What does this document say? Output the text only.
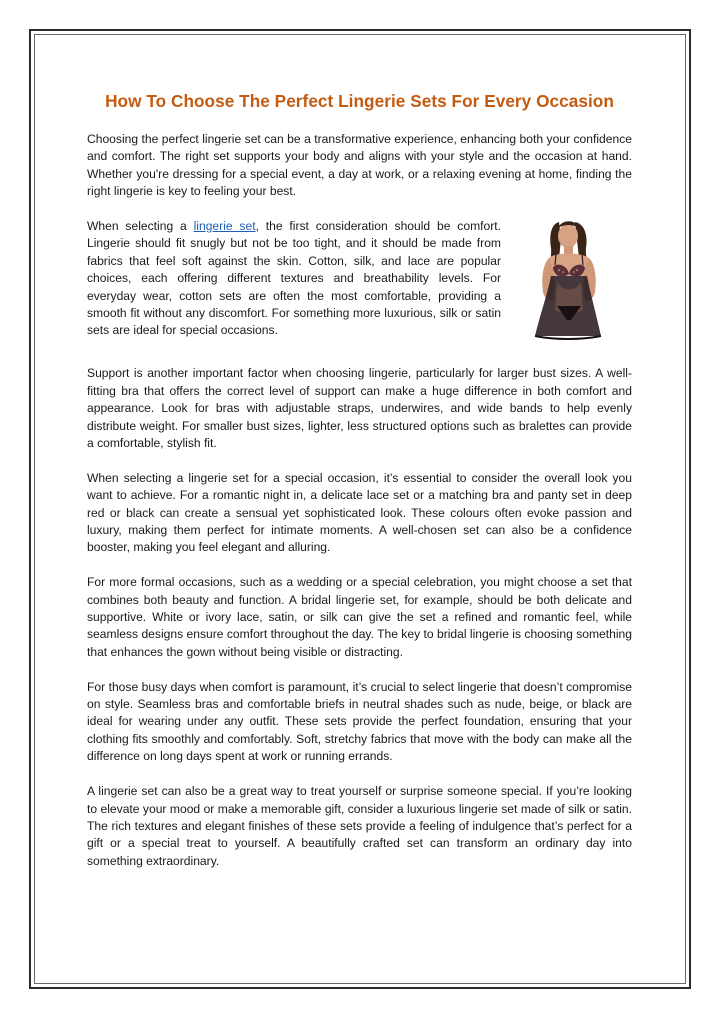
How To Choose The Perfect Lingerie Sets For Every Occasion

Choosing the perfect lingerie set can be a transformative experience, enhancing both your confidence and comfort. The right set supports your body and aligns with your style and the occasion at hand. Whether you're dressing for a special event, a day at work, or a relaxing evening at home, finding the right lingerie is key to feeling your best.

When selecting a lingerie set, the first consideration should be comfort. Lingerie should fit snugly but not be too tight, and it should be made from fabrics that feel soft against the skin. Cotton, silk, and lace are popular choices, each offering different textures and breathability levels. For everyday wear, cotton sets are often the most comfortable, providing a smooth fit without any discomfort. For something more luxurious, silk or satin sets are ideal for special occasions.

Support is another important factor when choosing lingerie, particularly for larger bust sizes. A well-fitting bra that offers the correct level of support can make a huge difference in both comfort and appearance. Look for bras with adjustable straps, underwires, and wide bands to help evenly distribute weight. For smaller bust sizes, lighter, less structured options such as bralettes can provide a comfortable, stylish fit.

When selecting a lingerie set for a special occasion, it’s essential to consider the overall look you want to achieve. For a romantic night in, a delicate lace set or a matching bra and panty set in deep red or black can create a sensual yet sophisticated look. These colours often evoke passion and luxury, making them perfect for intimate moments. A well-chosen set can also be a confidence booster, making you feel elegant and alluring.

For more formal occasions, such as a wedding or a special celebration, you might choose a set that combines both beauty and function. A bridal lingerie set, for example, should be both delicate and supportive. White or ivory lace, satin, or silk can give the set a refined and romantic feel, while seamless designs ensure comfort throughout the day. The key to bridal lingerie is choosing something that enhances the gown without being visible or distracting.

For those busy days when comfort is paramount, it’s crucial to select lingerie that doesn’t compromise on style. Seamless bras and comfortable briefs in neutral shades such as nude, beige, or black are ideal for wearing under any outfit. These sets provide the perfect foundation, ensuring that your clothing fits smoothly and comfortably. Soft, stretchy fabrics that move with the body can make all the difference on long days spent at work or running errands.

A lingerie set can also be a great way to treat yourself or surprise someone special. If you’re looking to elevate your mood or make a memorable gift, consider a luxurious lingerie set made of silk or satin. The rich textures and elegant finishes of these sets provide a feeling of indulgence that’s perfect for a gift or a special treat to yourself. A beautifully crafted set can transform an ordinary day into something extraordinary.
